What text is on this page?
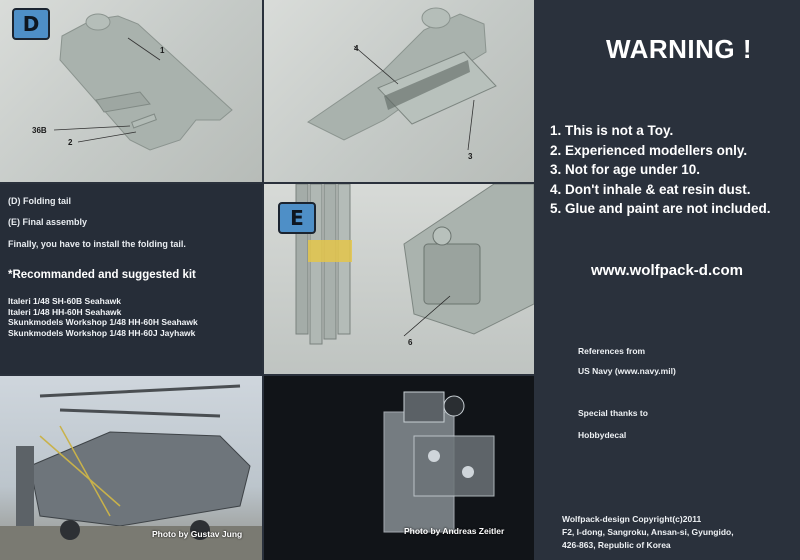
D
1
36B
2
4
3
(D) Folding tail
(E) Final assembly
Finally, you have to install the folding tail.
*Recommanded and suggested kit
Italeri 1/48 SH-60B Seahawk
Italeri 1/48 HH-60H Seahawk
Skunkmodels Workshop 1/48 HH-60H Seahawk
Skunkmodels Workshop 1/48 HH-60J Jayhawk
E
6
Photo by Gustav Jung	Photo by Andreas Zeitler
WARNING !
1. This is not a Toy.
2. Experienced modellers only.
3. Not for age under 10.
4. Don't inhale & eat resin dust.
5. Glue and paint are not included.
www.wolfpack-d.com
References from
US Navy (www.navy.mil)
Special thanks to
Hobbydecal
Wolfpack-design Copyright(c)2011
F2, I-dong, Sangroku, Ansan-si, Gyungido,
426-863, Republic of Korea
